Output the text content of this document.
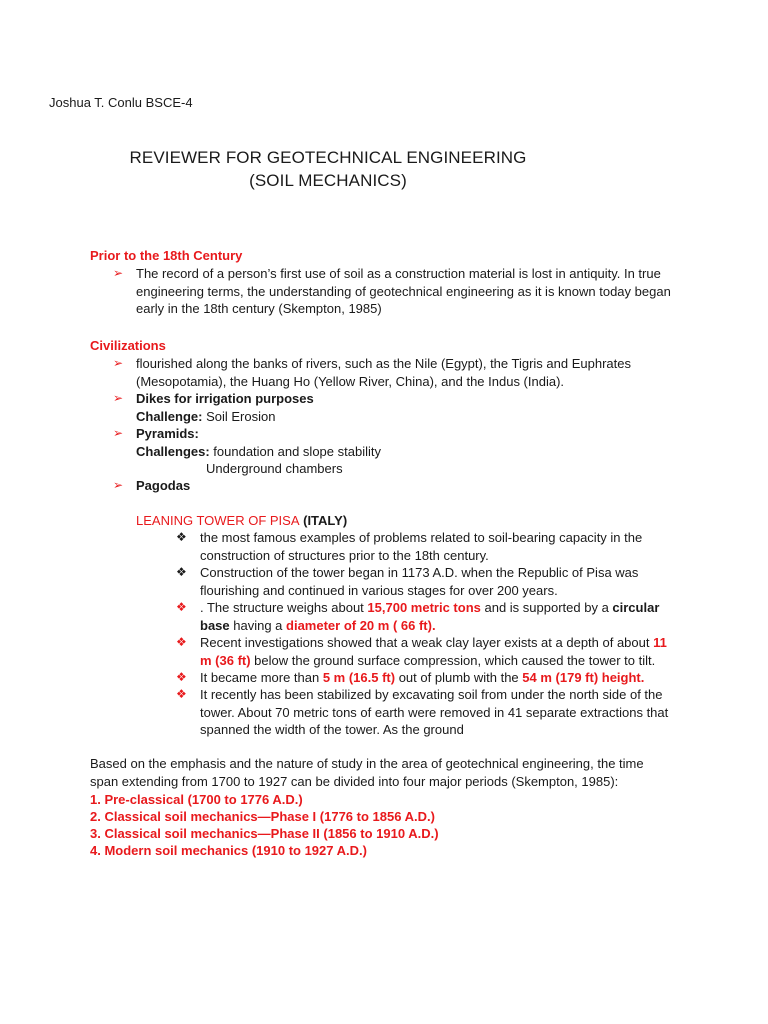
Joshua T. Conlu BSCE-4
REVIEWER FOR GEOTECHNICAL ENGINEERING
(SOIL MECHANICS)
Prior to the 18th Century
➢ The record of a person’s first use of soil as a construction material is lost in antiquity. In true engineering terms, the understanding of geotechnical engineering as it is known today began early in the 18th century (Skempton, 1985)
Civilizations
➢ flourished along the banks of rivers, such as the Nile (Egypt), the Tigris and Euphrates (Mesopotamia), the Huang Ho (Yellow River, China), and the Indus (India).
➢ Dikes for irrigation purposes
Challenge: Soil Erosion
➢ Pyramids:
Challenges: foundation and slope stability
Underground chambers
➢ Pagodas
LEANING TOWER OF PISA (ITALY)
❖ the most famous examples of problems related to soil-bearing capacity in the construction of structures prior to the 18th century.
❖ Construction of the tower began in 1173 A.D. when the Republic of Pisa was flourishing and continued in various stages for over 200 years.
❖ . The structure weighs about 15,700 metric tons and is supported by a circular base having a diameter of 20 m ( 66 ft).
❖ Recent investigations showed that a weak clay layer exists at a depth of about 11 m (36 ft) below the ground surface compression, which caused the tower to tilt.
❖ It became more than 5 m (16.5 ft) out of plumb with the 54 m (179 ft) height.
❖ It recently has been stabilized by excavating soil from under the north side of the tower. About 70 metric tons of earth were removed in 41 separate extractions that spanned the width of the tower. As the ground
Based on the emphasis and the nature of study in the area of geotechnical engineering, the time span extending from 1700 to 1927 can be divided into four major periods (Skempton, 1985):
1. Pre-classical (1700 to 1776 A.D.)
2. Classical soil mechanics—Phase I (1776 to 1856 A.D.)
3. Classical soil mechanics—Phase II (1856 to 1910 A.D.)
4. Modern soil mechanics (1910 to 1927 A.D.)
